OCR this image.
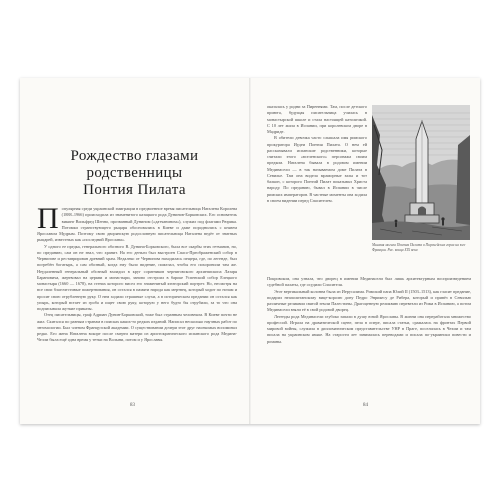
Рождество глазами
родственницы
Понтия Пилата

Популярная среди украинской эмиграции в предвоенное время писательница Наталена Королева (1888–1966) происходила из знаменитого казацкого рода Дунинов-Борковских. Его основатель викинг Вильфред Шенно, прозванный Дунином («датчанином»), служил под флагами Рюрика. Потомки странствующего рыцаря обосновались в Киеве и даже породнились с князем Ярославом Мудрым. Поэтому свою дворянскую родословную писательница Наталена ведёт от знатных рыцарей, известных как «последний Ярослава».

У одного ее предка, генерального обозного В. Дунина-Борковского, была все скарбы этих гетманов, но, по преданию, сам он не знал, что хранит. На его деньги был выстроен Спасо-Преображенский собор в Чернигове и реставрирован древний храм. Недалеко от Чернигова находилась пещера, где, по легенде, был погребён богатырь, а сам обозный, когда ему было видение, пожелал, чтобы его похоронили там же. Неудаленный генеральный обозный вхоидил в круг соратников черниговского архиепископа Лазаря Барановича, жертвовал на церкви и монастыри, заново отстроил в бароке Успенский собор Елецкого монастыря (1660 — 1678), на стенах которого висел его знаменитый ктиторский портрет. Но, несмотря на все свои благочестивые пожертвования, он остался в памяти народа как мертвец, который ходит по ночам и просит свою отрубленную руку. О нем ходили страшные слухи, а в историческом предании он остался как упырь, который встает из гроба и ищет свою руку, которую у него будто бы отрубили, за то что она подписывала жуткие приказы.

Отец писательницы, граф Адриан Дунин-Борковский, тоже был странным человеком. В Киеве почти не жил. Скитался по разным странам в поисках каких-то редких изданий. Написал несколько научных работ по энтомологии. Был членом Французской академии. О существовании дочери этот друг насекомых вспоминал редко. Его жена Наталена вскоре после смерти матери из аристократического испанского рода Медина-Челли была ещё одна время у тетки на Волыни, потом и у Ярославы.

83

оказалась у родни за Пиренеями. Там, после детского приюта, будущая писательница училась в монастырской школе и стала настоящей католичкой. С 10 лет жила в Испании, при королевском дворе в Мадриде.

В обители девочка часто слышала имя римского прокуратора Иудеи Понтия Пилата. О нем ей рассказывали испанские родственники, которые считали этого «вселенского» персонажа своим предком. Наталена бывала в родовом имении Мединасели — в так называемом доме Пилата в Севилье. Там она видела мраморные залы и тот балкон, с которого Понтий Пилат показывал Христа народу. По преданию, бывал в Испании в числе римских императоров. В частные моменты она ходила в своем видении перед Спасителем.

Мнимая могила Понтия Пилата в Пиренейских горах на юге Франции. Рис. конца XIX века

Покровском, она узнала, что дворец в имении Мединасели был лишь архитектурным воспроизведением судебной палаты, где осудили Спасителя.

Этот вертикальный колонна была из Иерусалима. Римский папа Юлий II (1503–1513), как гласит предание, подарил неаполитанскому вице-королю дону Педро Энрикесу де Рибера, который и привёз в Севилью различные реликвии святой земли Палестины. Драгоценную реликвию перевезли из Рима в Испанию, а потом Мединасели взяли её в свой родовой дворец.

Легенды рода Мединасели глубоко запали в душу юной Ярославы. В жизни она переработала множество профессий. Играла на драматической сцене, пела в опере, писала статьи, сражалась на фронтах Первой мировой войны, служила в дипломатическом представительстве УНР в Праге, поселилась в Чехии и там писала на украинском языке. На старости лет занималась переводами и писала по-украински повести и романы.

84
